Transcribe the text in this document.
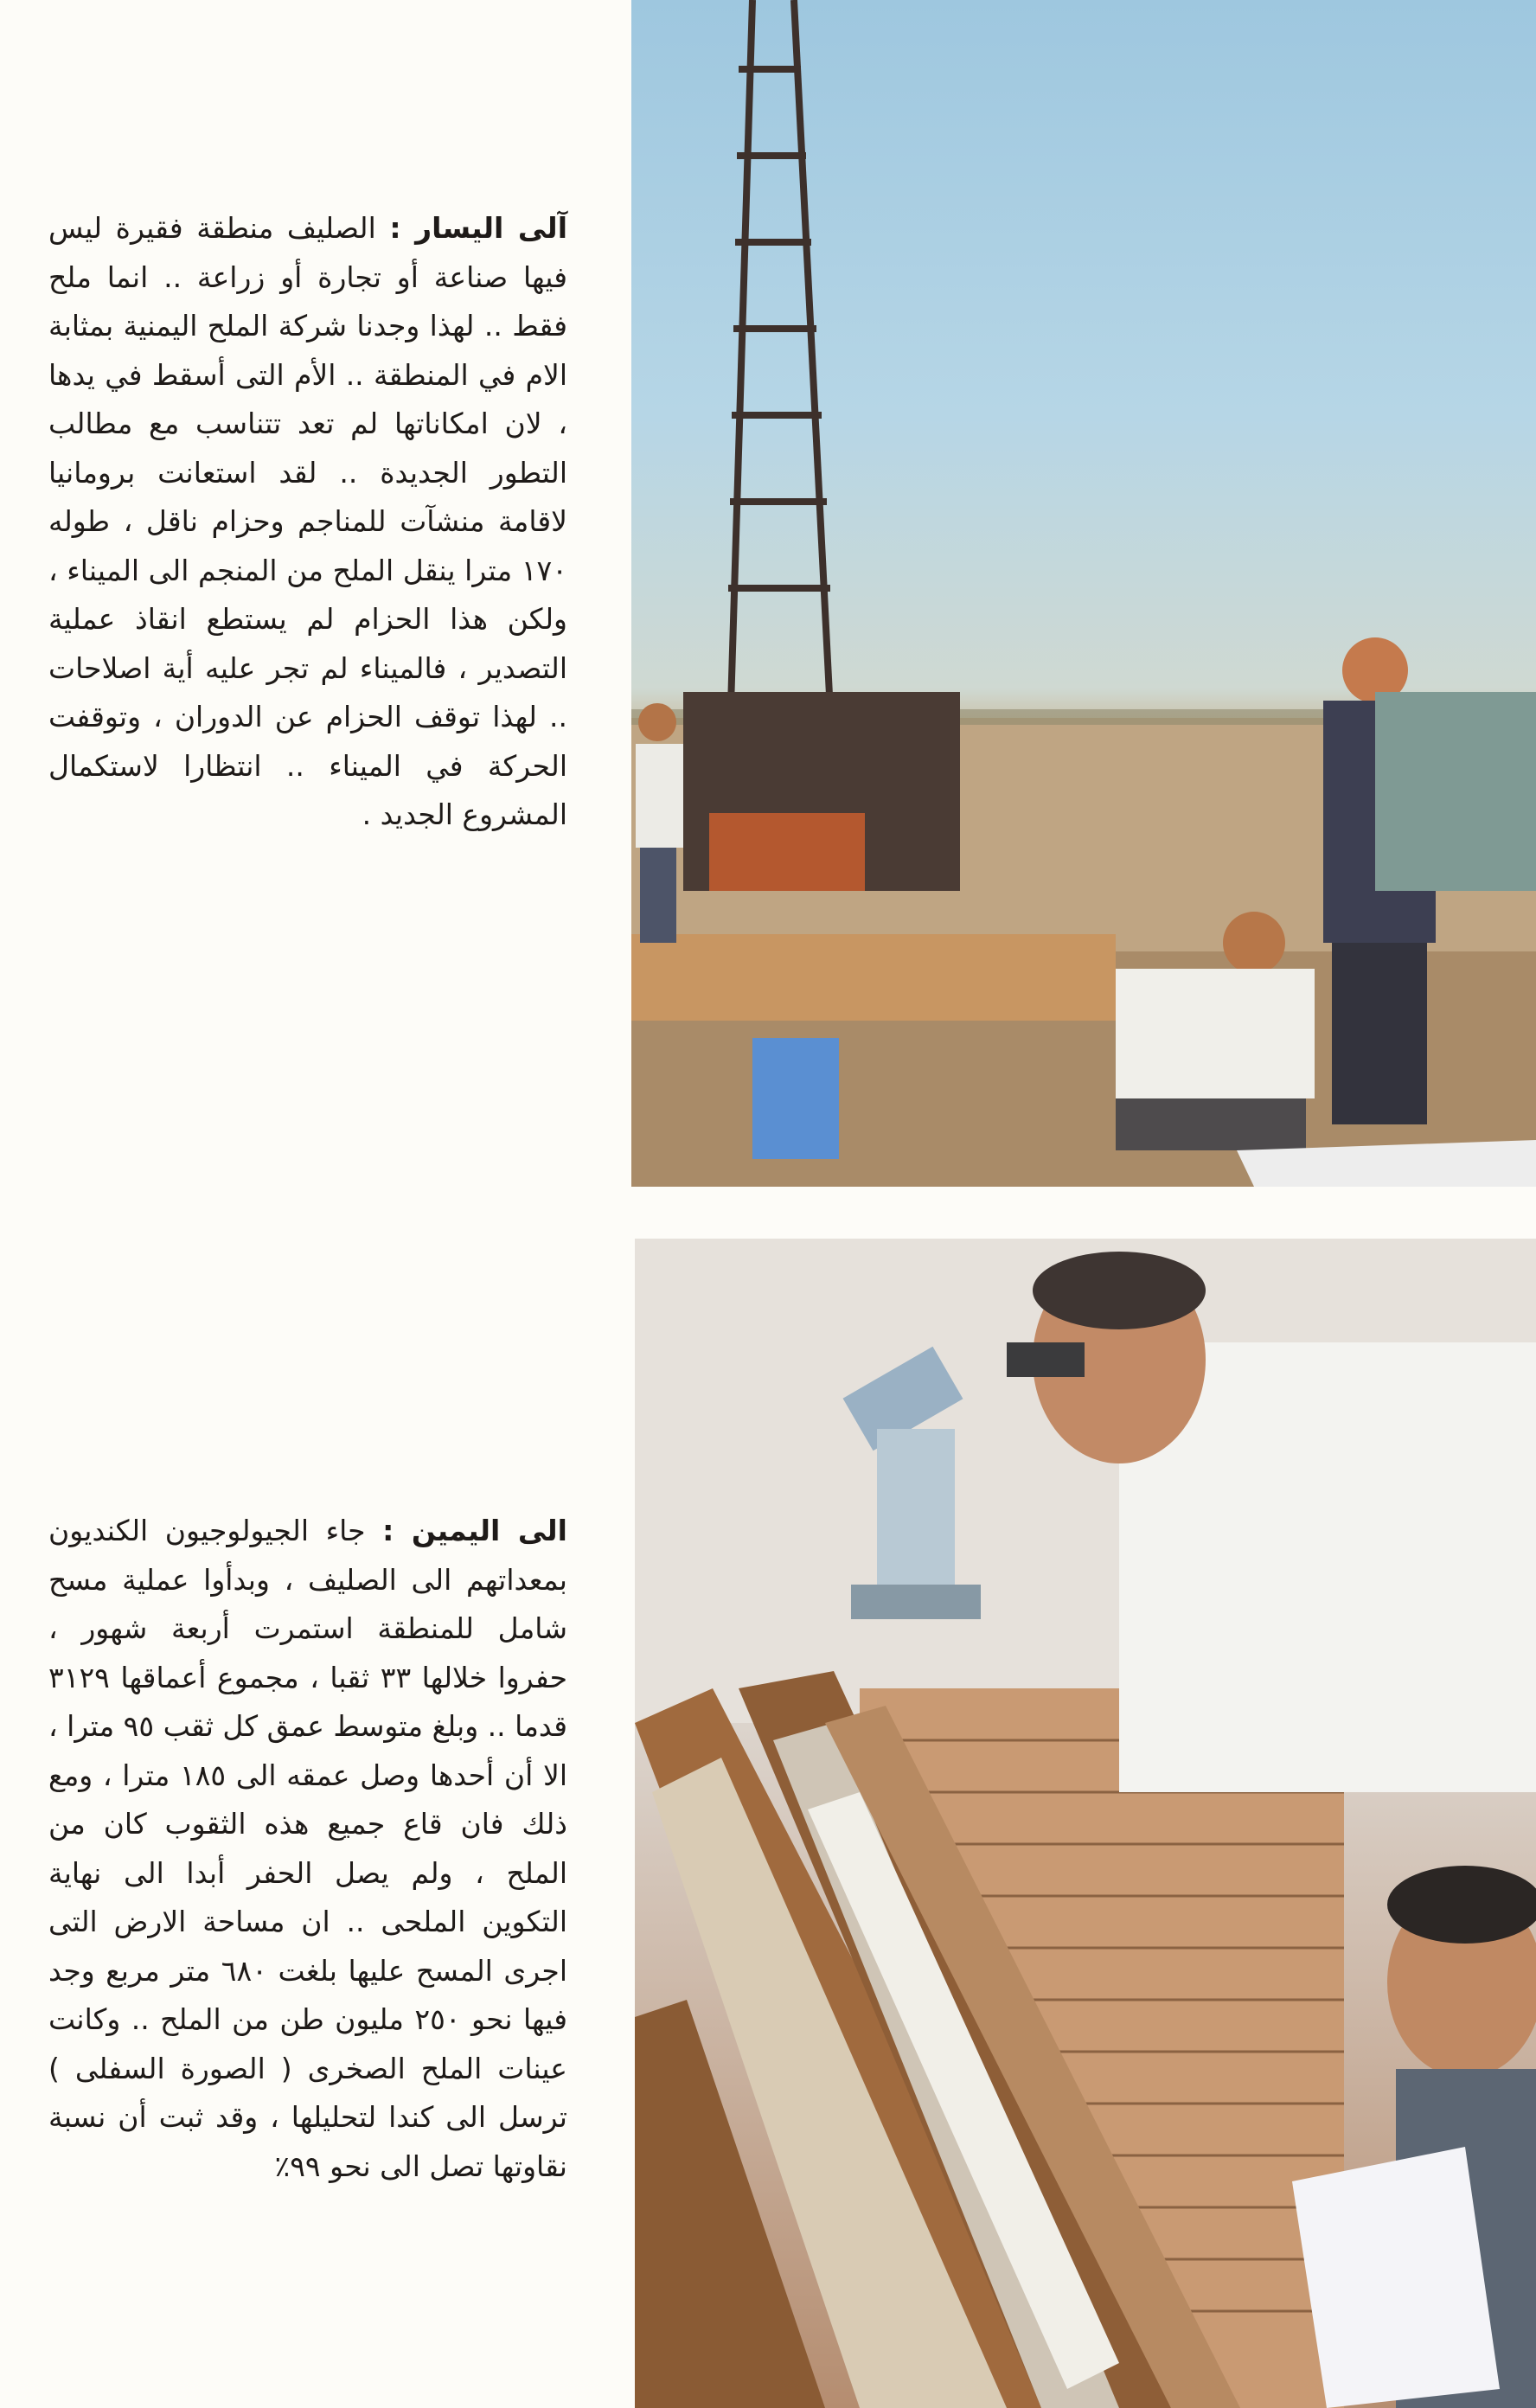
آلى اليسار : الصليف منطقة فقيرة ليس فيها صناعة أو تجارة أو زراعة .. انما ملح فقط .. لهذا وجدنا شركة الملح اليمنية بمثابة الام في المنطقة .. الأم التى أسقط في يدها ، لان امكاناتها لم تعد تتناسب مع مطالب التطور الجديدة .. لقد استعانت برومانيا لاقامة منشآت للمناجم وحزام ناقل ، طوله ١٧٠ مترا ينقل الملح من المنجم الى الميناء ، ولكن هذا الحزام لم يستطع انقاذ عملية التصدير ، فالميناء لم تجر عليه أية اصلاحات .. لهذا توقف الحزام عن الدوران ، وتوقفت الحركة في الميناء .. انتظارا لاستكمال المشروع الجديد .

الى اليمين : جاء الجيولوجيون الكنديون بمعداتهم الى الصليف ، وبدأوا عملية مسح شامل للمنطقة استمرت أربعة شهور ، حفروا خلالها ٣٣ ثقبا ، مجموع أعماقها ٣١٢٩ قدما .. وبلغ متوسط عمق كل ثقب ٩٥ مترا ، الا أن أحدها وصل عمقه الى ١٨٥ مترا ، ومع ذلك فان قاع جميع هذه الثقوب كان من الملح ، ولم يصل الحفر أبدا الى نهاية التكوين الملحى .. ان مساحة الارض التى اجرى المسح عليها بلغت ٦٨٠ متر مربع وجد فيها نحو ٢٥٠ مليون طن من الملح .. وكانت عينات الملح الصخرى ( الصورة السفلى ) ترسل الى كندا لتحليلها ، وقد ثبت أن نسبة نقاوتها تصل الى نحو ٩٩٪
